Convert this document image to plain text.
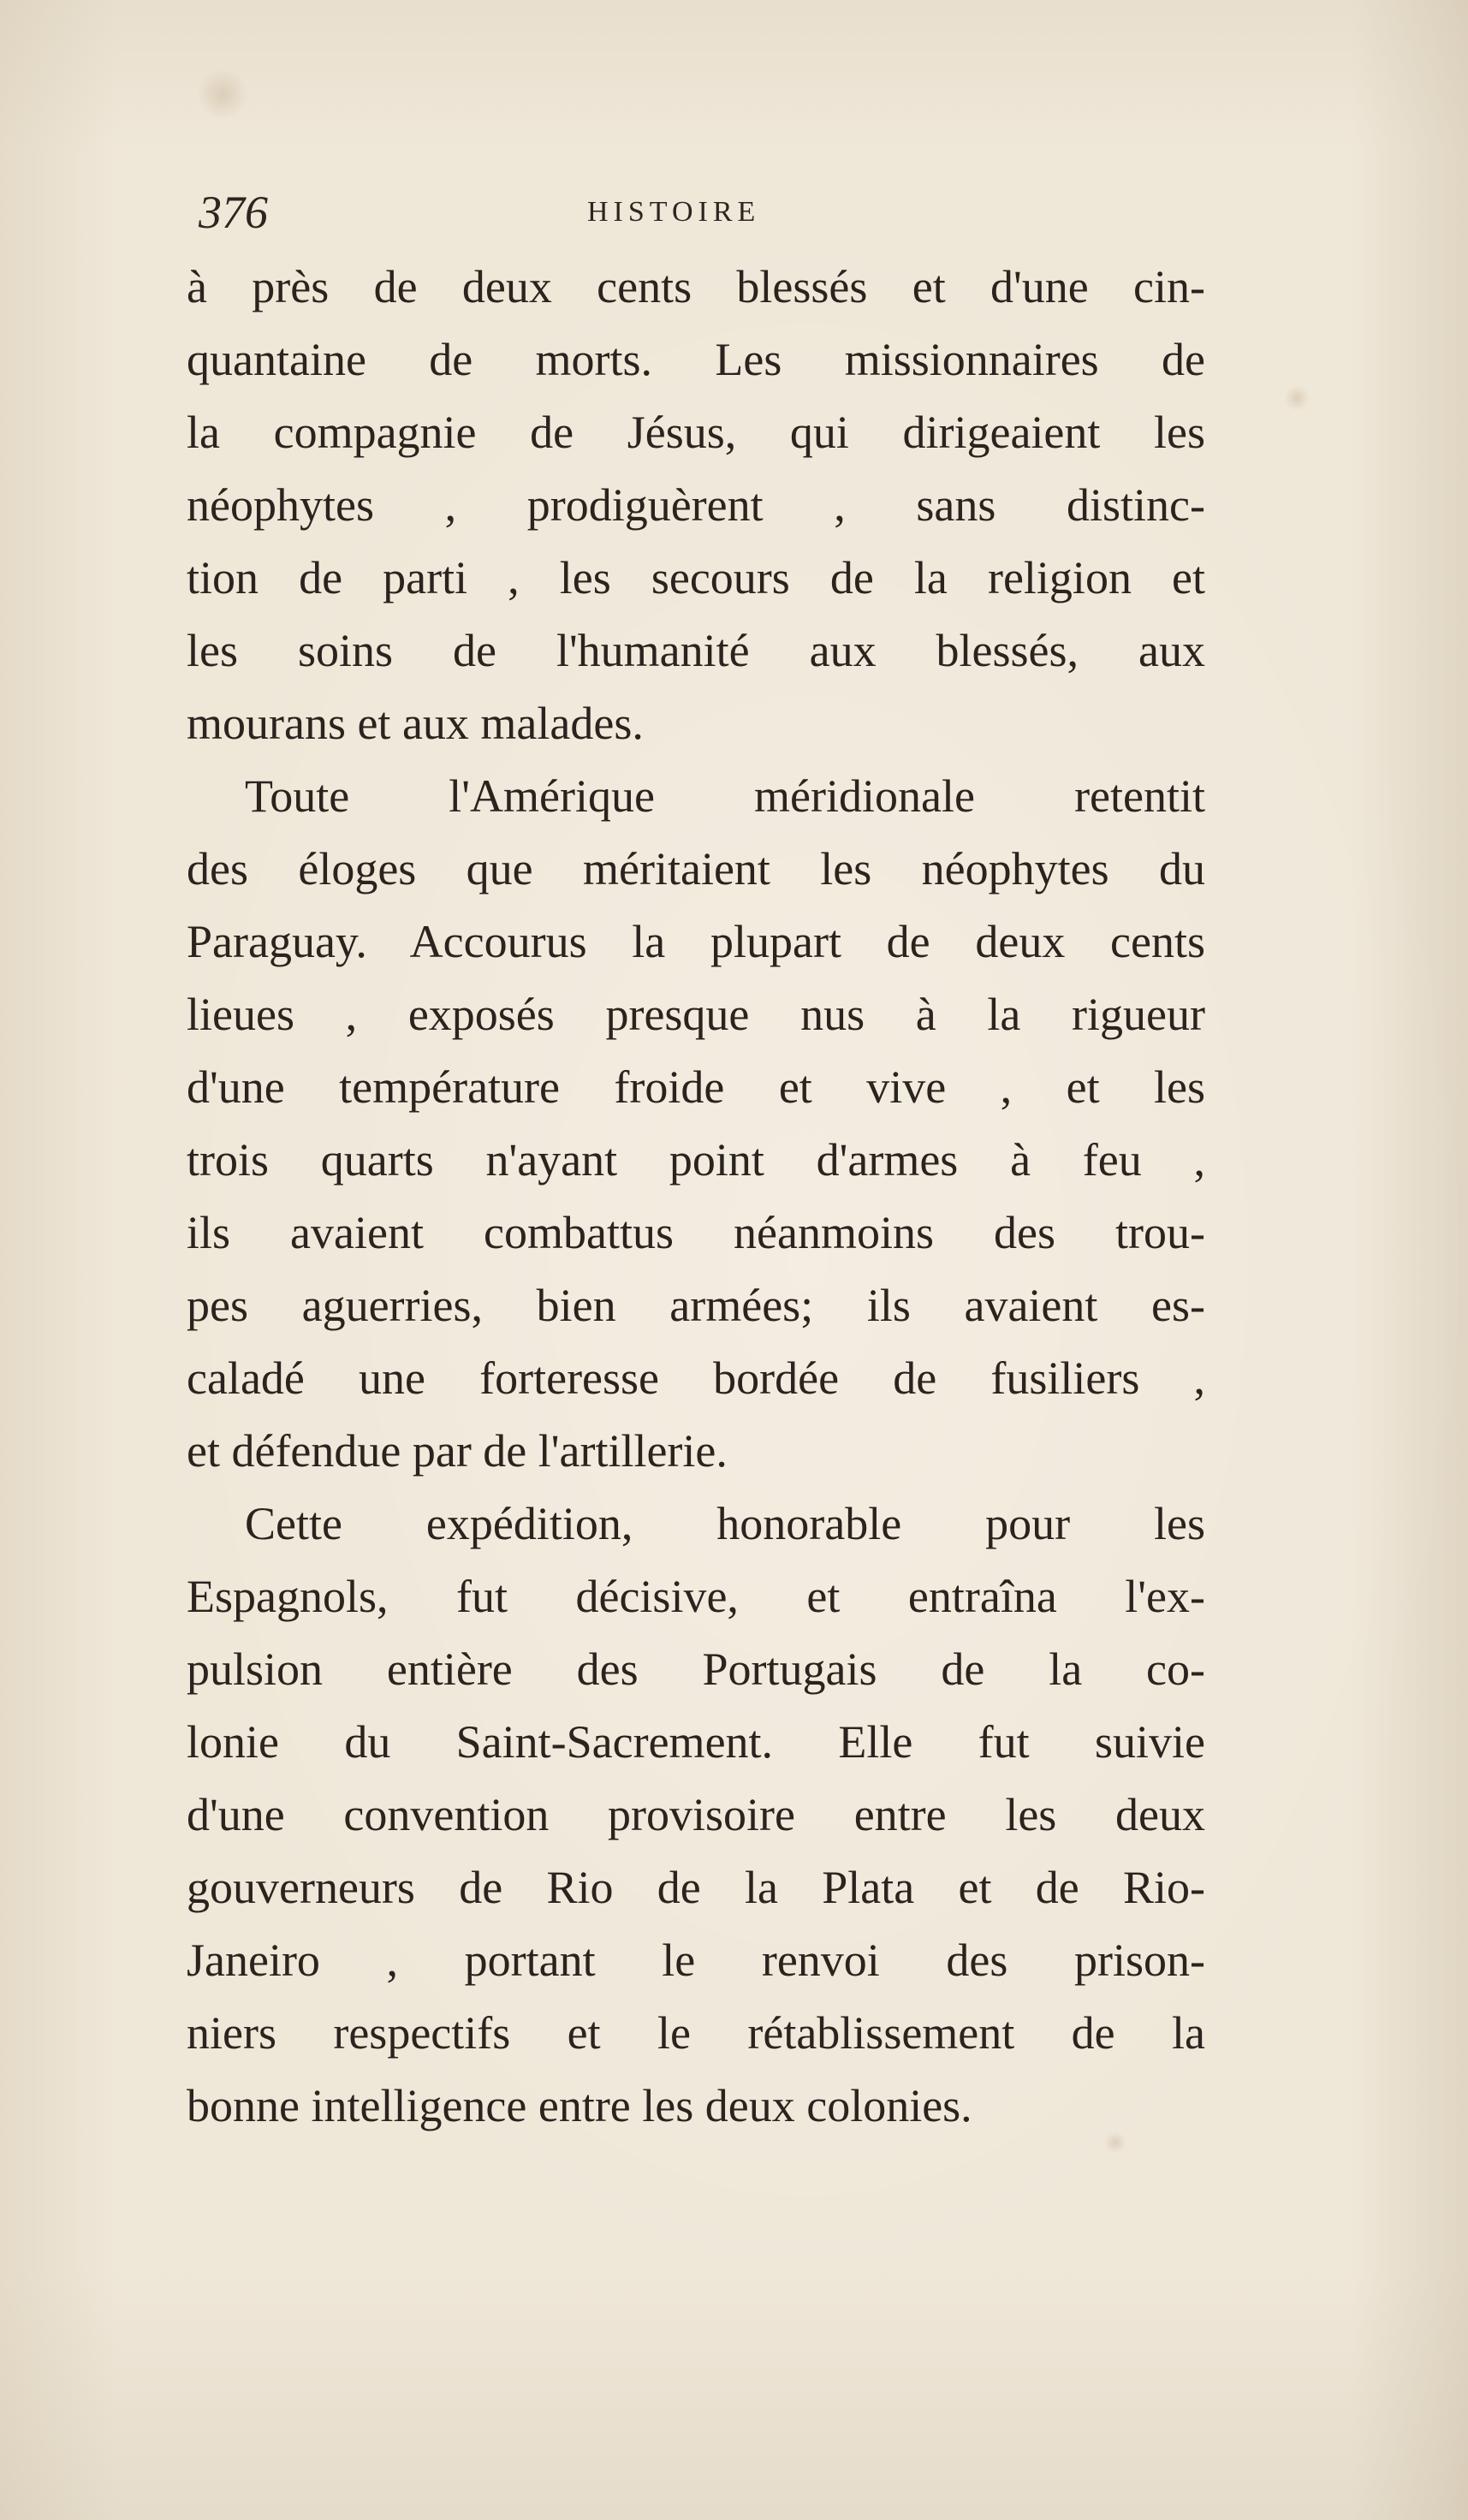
376	HISTOIRE
à près de deux cents blessés et d'une cin-
quantaine de morts. Les missionnaires de
la compagnie de Jésus, qui dirigeaient les
néophytes , prodiguèrent , sans distinc-
tion de parti , les secours de la religion et
les soins de l'humanité aux blessés, aux
mourans et aux malades.
Toute l'Amérique méridionale retentit
des éloges que méritaient les néophytes du
Paraguay. Accourus la plupart de deux cents
lieues , exposés presque nus à la rigueur
d'une température froide et vive , et les
trois quarts n'ayant point d'armes à feu ,
ils avaient combattus néanmoins des trou-
pes aguerries, bien armées; ils avaient es-
caladé une forteresse bordée de fusiliers ,
et défendue par de l'artillerie.
Cette expédition, honorable pour les
Espagnols, fut décisive, et entraîna l'ex-
pulsion entière des Portugais de la co-
lonie du Saint-Sacrement. Elle fut suivie
d'une convention provisoire entre les deux
gouverneurs de Rio de la Plata et de Rio-
Janeiro , portant le renvoi des prison-
niers respectifs et le rétablissement de la
bonne intelligence entre les deux colonies.
